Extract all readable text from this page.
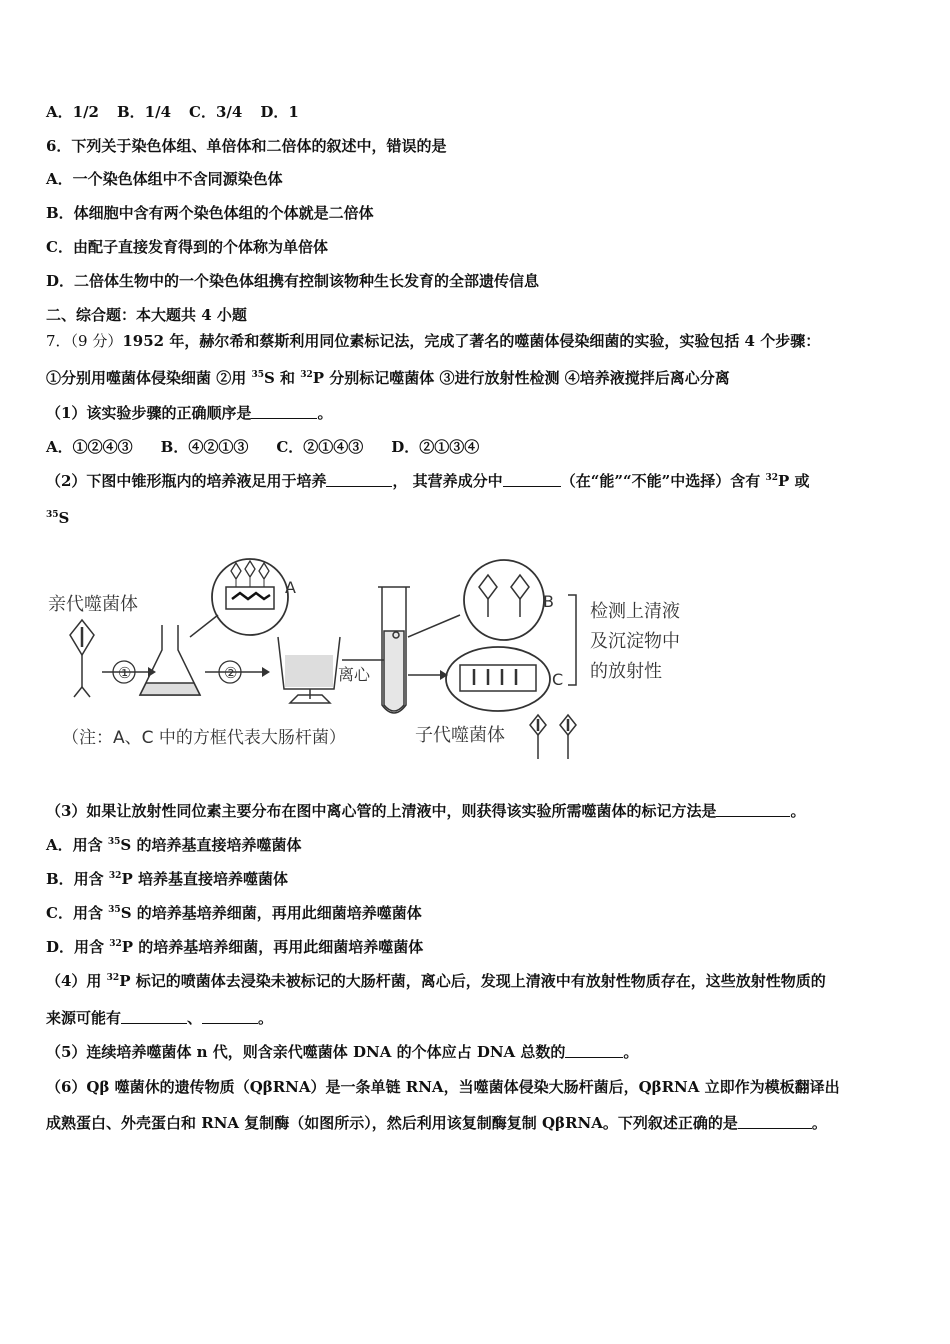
A．1/2 B．1/4 C．3/4 D．1
6．下列关于染色体组、单倍体和二倍体的叙述中，错误的是
A．一个染色体组中不含同源染色体
B．体细胞中含有两个染色体组的个体就是二倍体
C．由配子直接发育得到的个体称为单倍体
D．二倍体生物中的一个染色体组携有控制该物种生长发育的全部遗传信息
二、综合题：本大题共 4 小题
7．（9 分）1952 年，赫尔希和蔡斯利用同位素标记法，完成了著名的噬菌体侵染细菌的实验，实验包括 4 个步骤：
①分别用噬菌体侵染细菌 ②用 $^{35}$S 和 $^{32}$P 分别标记噬菌体 ③进行放射性检测 ④培养液搅拌后离心分离
（1）该实验步骤的正确顺序是	。
A．①②④③ B．④②①③ C．②①④③ D．②①③④
（2）下图中锥形瓶内的培养液足用于培养	， 其营养成分中	（在“能”“不能”中选择）含有 $^{32}$P 或
$^{35}$S
亲代噬菌体
①	②
A
离心
B
C
检测上清液
及沉淀物中
的放射性
子代噬菌体
（注：A、C 中的方框代表大肠杆菌）
（3）如果让放射性同位素主要分布在图中离心管的上清液中，则获得该实验所需噬菌体的标记方法是	。
A．用含 $^{35}$S 的培养基直接培养噬菌体
B．用含 $^{32}$P 培养基直接培养噬菌体
C．用含 $^{35}$S 的培养基培养细菌，再用此细菌培养噬菌体
D．用含 $^{32}$P 的培养基培养细菌，再用此细菌培养噬菌体
（4）用 $^{32}$P 标记的喷菌体去浸染未被标记的大肠杆菌，离心后，发现上清液中有放射性物质存在，这些放射性物质的
来源可能有	、	。
（5）连续培养噬菌体 n 代，则含亲代噬菌体 DNA 的个体应占 DNA 总数的	。
（6）Qβ 噬菌休的遗传物质（QβRNA）是一条单链 RNA，当噬菌体侵染大肠杆菌后，QβRNA 立即作为模板翻译出
成熟蛋白、外壳蛋白和 RNA 复制酶（如图所示），然后利用该复制酶复制 QβRNA。下列叙述正确的是	。
